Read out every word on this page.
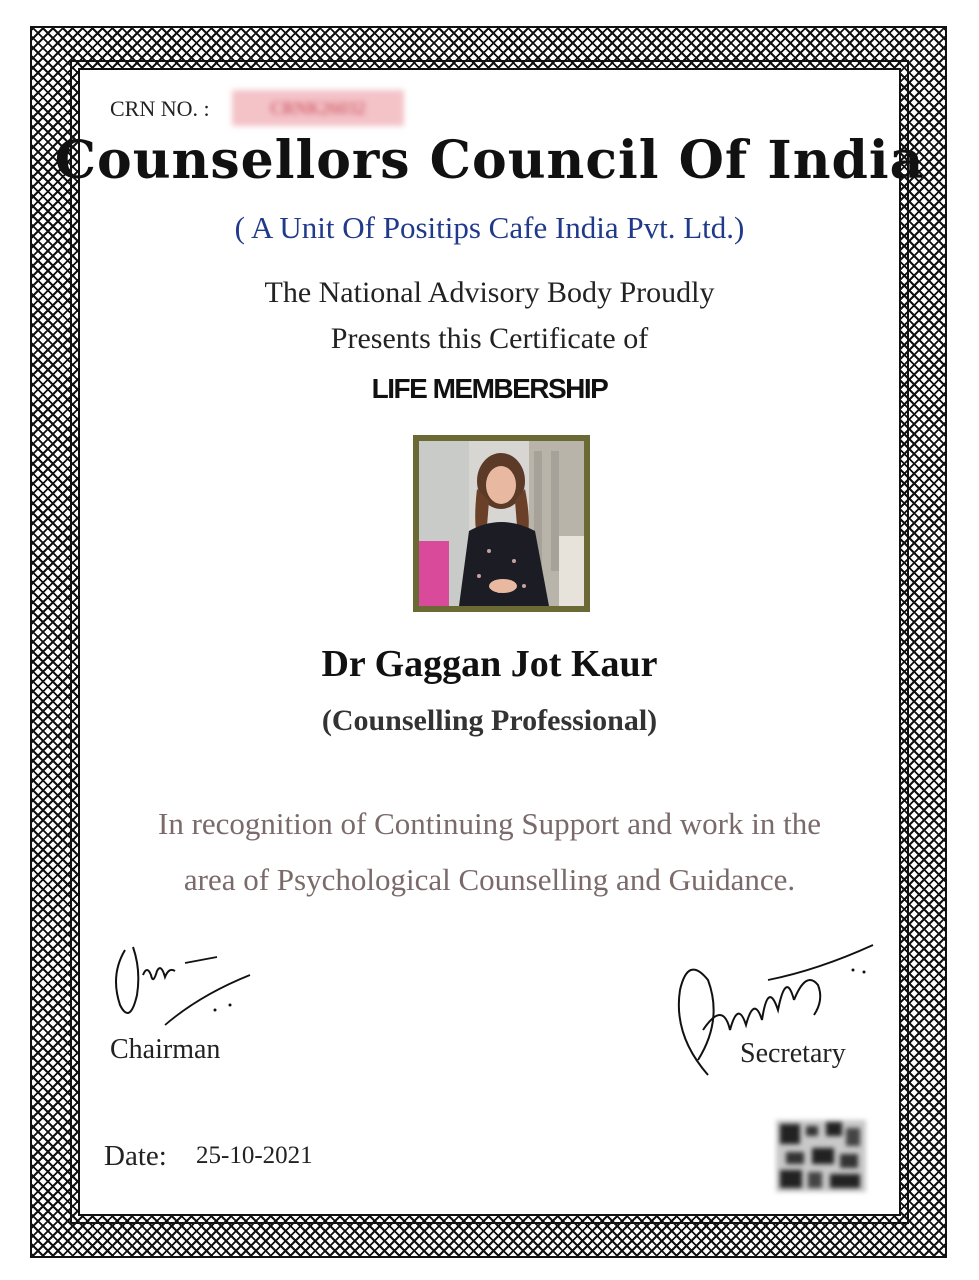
CRN NO. :	CRNK26032
Counsellors Council Of India
( A Unit Of Positips Cafe India Pvt. Ltd.)
The National Advisory Body Proudly
Presents this Certificate of
LIFE MEMBERSHIP
Dr Gaggan Jot Kaur
(Counselling Professional)
In recognition of Continuing Support and work in the
area of Psychological Counselling and Guidance.
Chairman	Secretary
Date: 25-10-2021
